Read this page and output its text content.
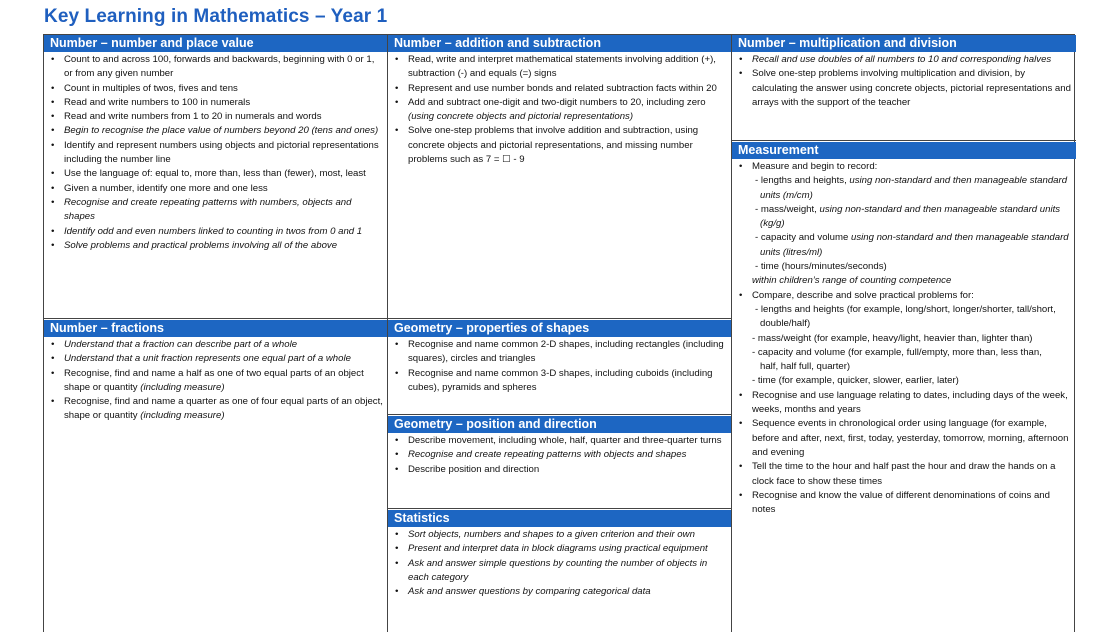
Key Learning in Mathematics – Year 1
Number – number and place value
• Count to and across 100, forwards and backwards, beginning with 0 or 1, or from any given number
• Count in multiples of twos, fives and tens
• Read and write numbers to 100 in numerals
• Read and write numbers from 1 to 20 in numerals and words
• Begin to recognise the place value of numbers beyond 20 (tens and ones)
• Identify and represent numbers using objects and pictorial representations including the number line
• Use the language of: equal to, more than, less than (fewer), most, least
• Given a number, identify one more and one less
• Recognise and create repeating patterns with numbers, objects and shapes
• Identify odd and even numbers linked to counting in twos from 0 and 1
• Solve problems and practical problems involving all of the above
Number – fractions
• Understand that a fraction can describe part of a whole
• Understand that a unit fraction represents one equal part of a whole
• Recognise, find and name a half as one of two equal parts of an object shape or quantity (including measure)
• Recognise, find and name a quarter as one of four equal parts of an object, shape or quantity (including measure)
Number – addition and subtraction
• Read, write and interpret mathematical statements involving addition (+), subtraction (-) and equals (=) signs
• Represent and use number bonds and related subtraction facts within 20
• Add and subtract one-digit and two-digit numbers to 20, including zero (using concrete objects and pictorial representations)
• Solve one-step problems that involve addition and subtraction, using concrete objects and pictorial representations, and missing number problems such as 7 = ☐ - 9
Geometry – properties of shapes
• Recognise and name common 2-D shapes, including rectangles (including squares), circles and triangles
• Recognise and name common 3-D shapes, including cuboids (including cubes), pyramids and spheres
Geometry – position and direction
• Describe movement, including whole, half, quarter and three-quarter turns
• Recognise and create repeating patterns with objects and shapes
• Describe position and direction
Statistics
• Sort objects, numbers and shapes to a given criterion and their own
• Present and interpret data in block diagrams using practical equipment
• Ask and answer simple questions by counting the number of objects in each category
• Ask and answer questions by comparing categorical data
Number – multiplication and division
• Recall and use doubles of all numbers to 10 and corresponding halves
• Solve one-step problems involving multiplication and division, by calculating the answer using concrete objects, pictorial representations and arrays with the support of the teacher
Measurement
• Measure and begin to record:
- lengths and heights, using non-standard and then manageable standard units (m/cm)
- mass/weight, using non-standard and then manageable standard units (kg/g)
- capacity and volume using non-standard and then manageable standard units (litres/ml)
- time (hours/minutes/seconds)
within children’s range of counting competence
• Compare, describe and solve practical problems for:
- lengths and heights (for example, long/short, longer/shorter, tall/short, double/half)
- mass/weight (for example, heavy/light, heavier than, lighter than)
- capacity and volume (for example, full/empty, more than, less than,
half, half full, quarter)
- time (for example, quicker, slower, earlier, later)
• Recognise and use language relating to dates, including days of the week, weeks, months and years
• Sequence events in chronological order using language (for example, before and after, next, first, today, yesterday, tomorrow, morning, afternoon and evening
• Tell the time to the hour and half past the hour and draw the hands on a clock face to show these times
• Recognise and know the value of different denominations of coins and notes
